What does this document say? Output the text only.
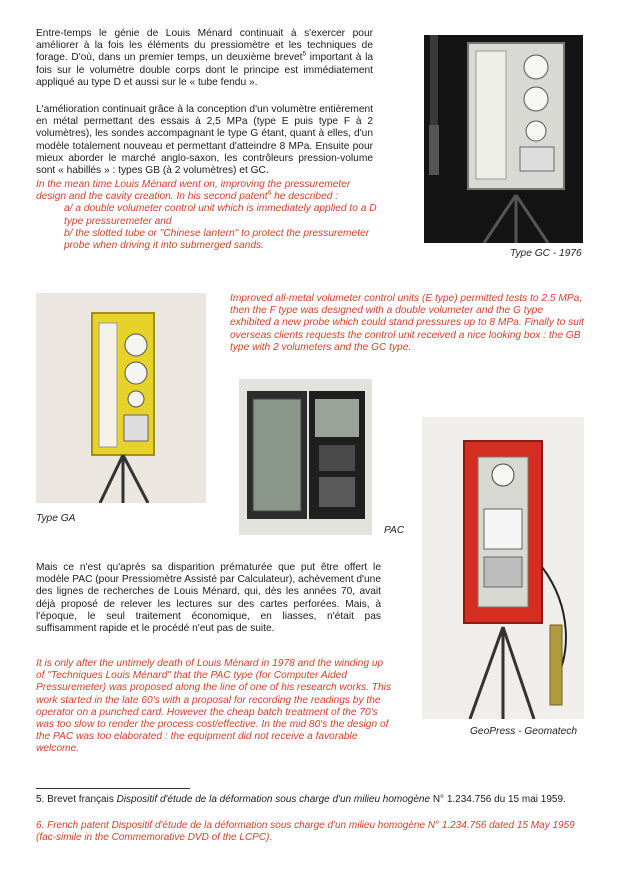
Entre-temps le génie de Louis Ménard continuait à s'exercer pour améliorer à la fois les éléments du pressiomètre et les techniques de forage. D'où, dans un premier temps, un deuxième brevet$^5$ important à la fois sur le volumètre double corps dont le principe est immédiatement appliqué au type D et aussi sur le « tube fendu ».

L'amélioration continuait grâce à la conception d'un volumètre entièrement en métal permettant des essais à 2,5 MPa (type E puis type F à 2 volumètres), les sondes accompagnant le type G étant, quant à elles, d'un modèle totalement nouveau et permettant d'atteindre 8 MPa. Ensuite pour mieux aborder le marché anglo-saxon, les contrôleurs pression-volume sont « habillés » : types GB (à 2 volumètres) et GC.

In the mean time Louis Ménard went on, improving the pressuremeter design and the cavity creation. In his second patent$^6$ he described :
a/ a double volumeter control unit which is immediately applied to a D type pressuremeter and
b/ the slotted tube or "Chinese lantern" to protect the pressuremeter probe when driving it into submerged sands.
Type GC - 1976

Improved all-metal volumeter control units (E type) permitted tests to 2.5 MPa, then the F type was designed with a double volumeter and the G type exhibited a new probe which could stand pressures up to 8 MPa. Finally to suit overseas clients requests the control unit received a nice looking box : the GB type with 2 volumeters and the GC type.

Type GA
PAC
GeoPress - Geomatech

Mais ce n'est qu'après sa disparition prématurée que put être offert le modèle PAC (pour Pressiomètre Assisté par Calculateur), achèvement d'une des lignes de recherches de Louis Ménard, qui, dès les années 70, avait déjà proposé de relever les lectures sur des cartes perforées. Mais, à l'époque, le seul traitement économique, en liasses, n'était pas suffisamment rapide et le procédé n'eut pas de suite.

It is only after the untimely death of Louis Ménard in 1978 and the winding up of "Techniques Louis Ménard" that the PAC type (for Computer Aided Pressuremeter) was proposed along the line of one of his research works. This work started in the late 60's with a proposal for recording the readings by the operator on a punched card. However the cheap batch treatment of the 70's was too slow to render the process cost/effective. In the mid 80's the design of the PAC was too elaborated : the equipment did not receive a favorable welcome.

5. Brevet français Dispositif d'étude de la déformation sous charge d'un milieu homogène N° 1.234.756 du 15 mai 1959.
6. French patent Dispositif d'étude de la déformation sous charge d'un milieu homogène N° 1.234.756 dated 15 May 1959 (fac-simile in the Commemorative DVD of the LCPC).
